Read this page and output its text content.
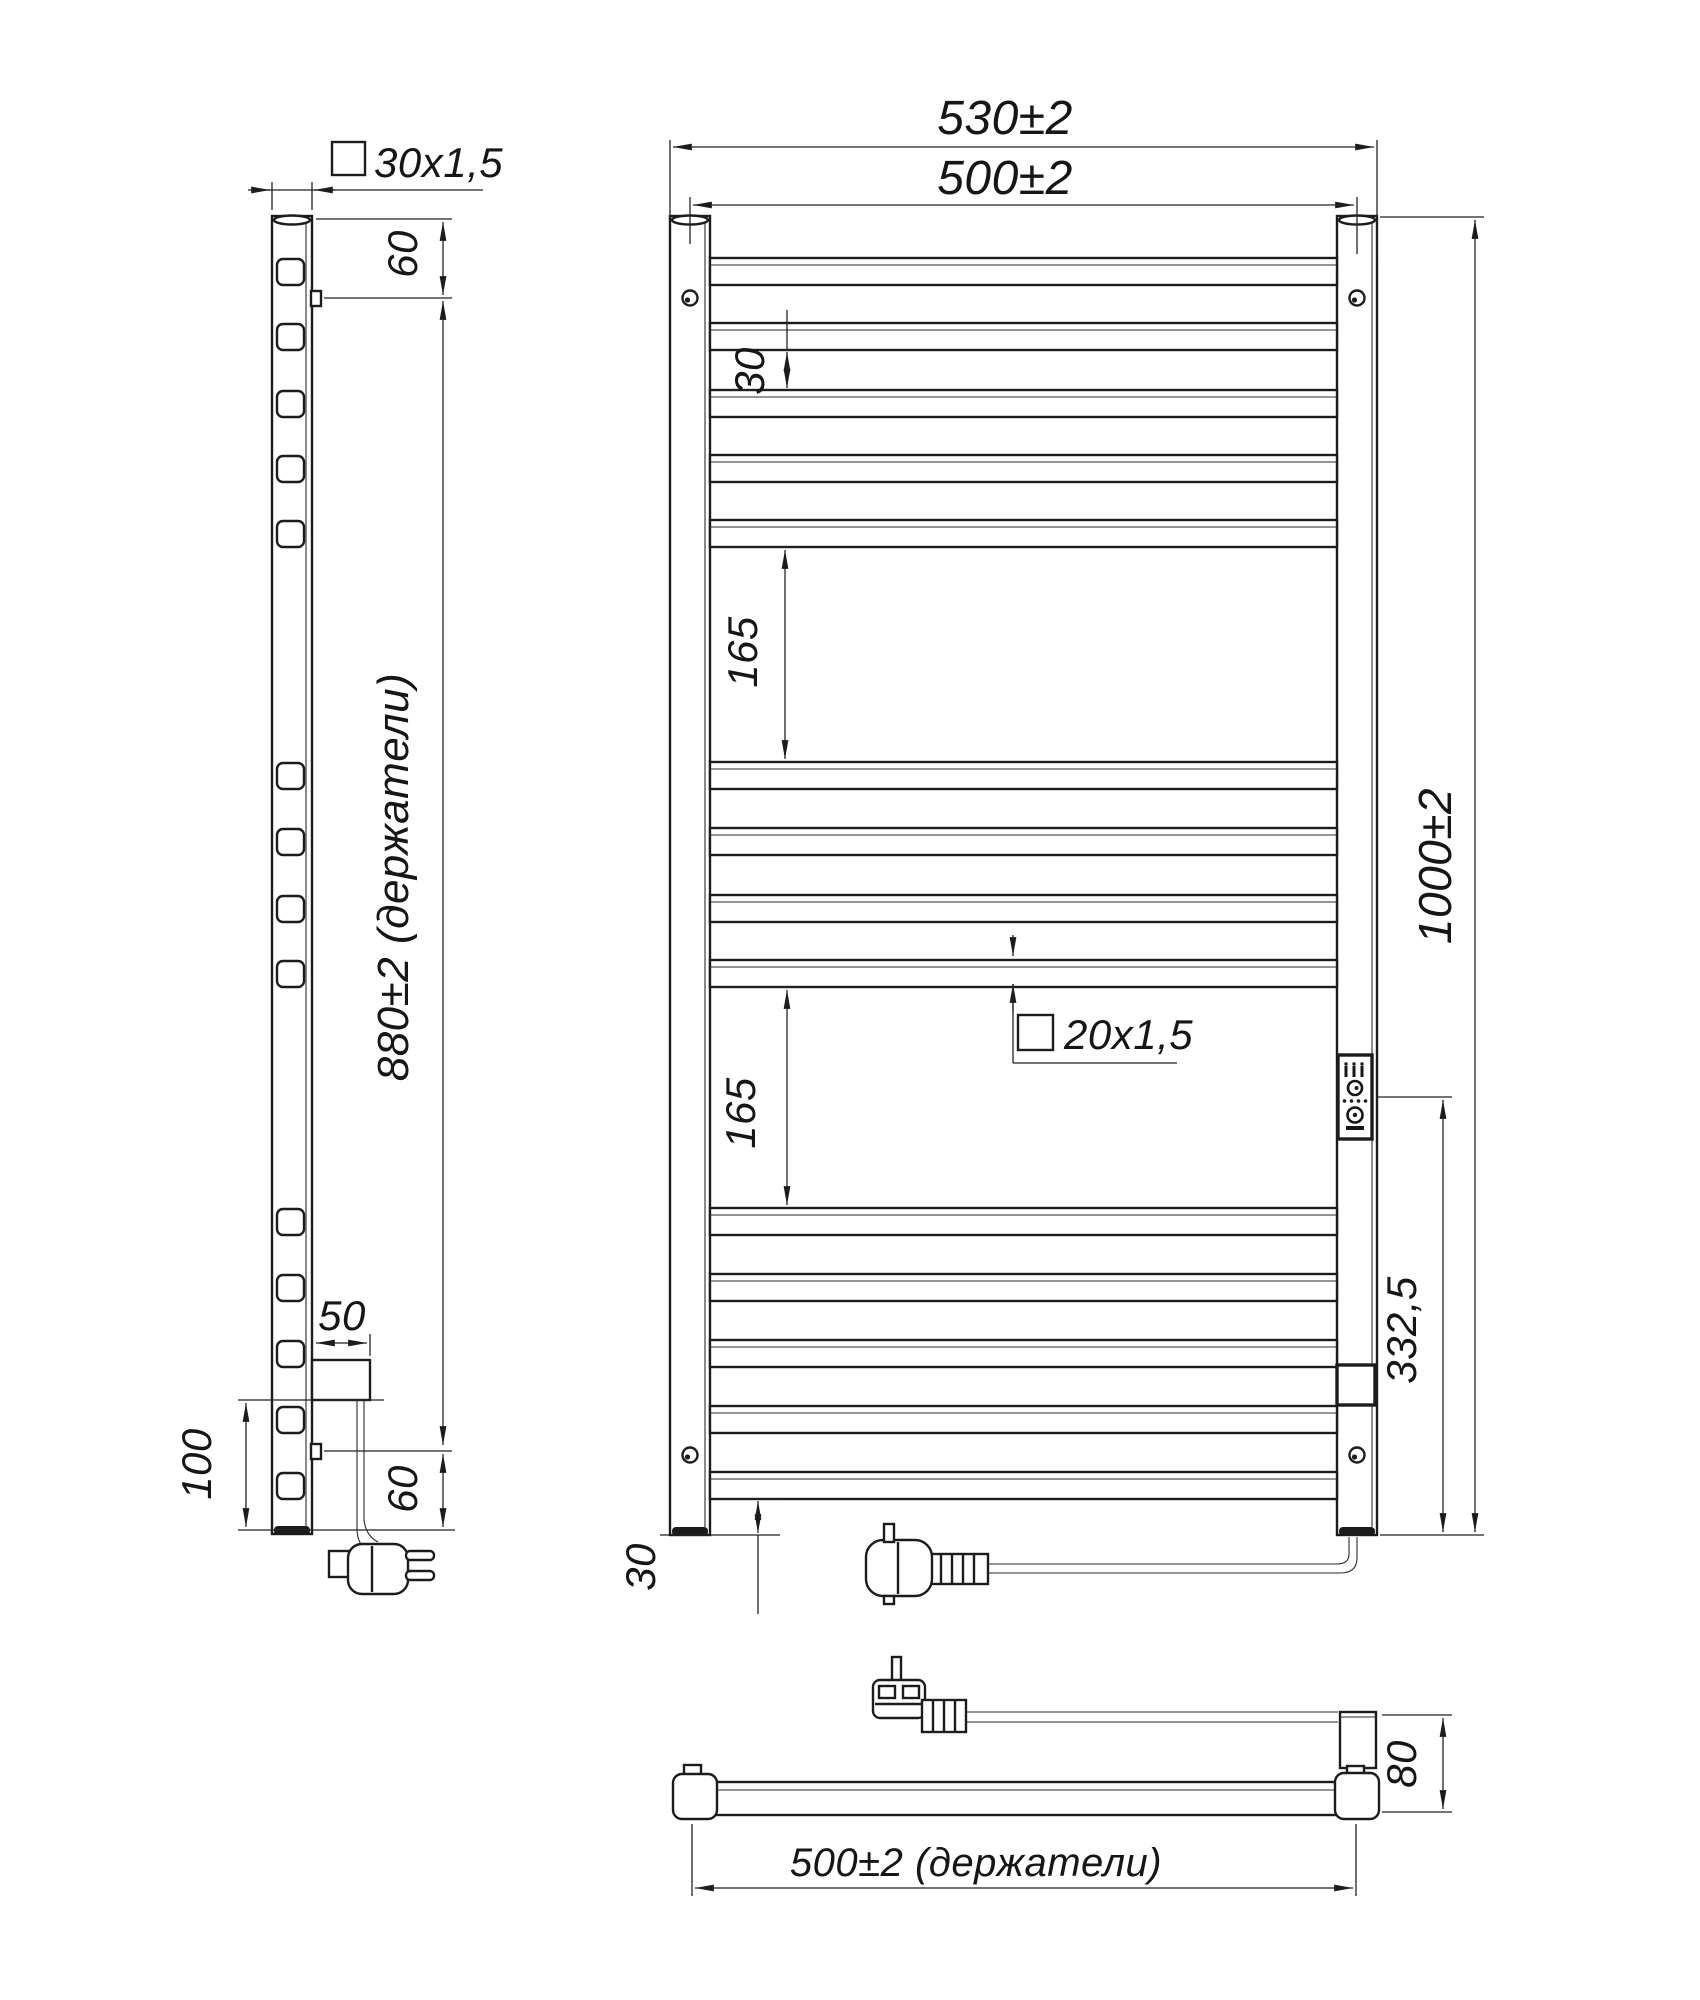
30x1,5
60
880±2 (держатели)
60
100
50
530±2
500±2
30
165
165
20x1,5
1000±2
332,5
30
80
500±2 (держатели)
